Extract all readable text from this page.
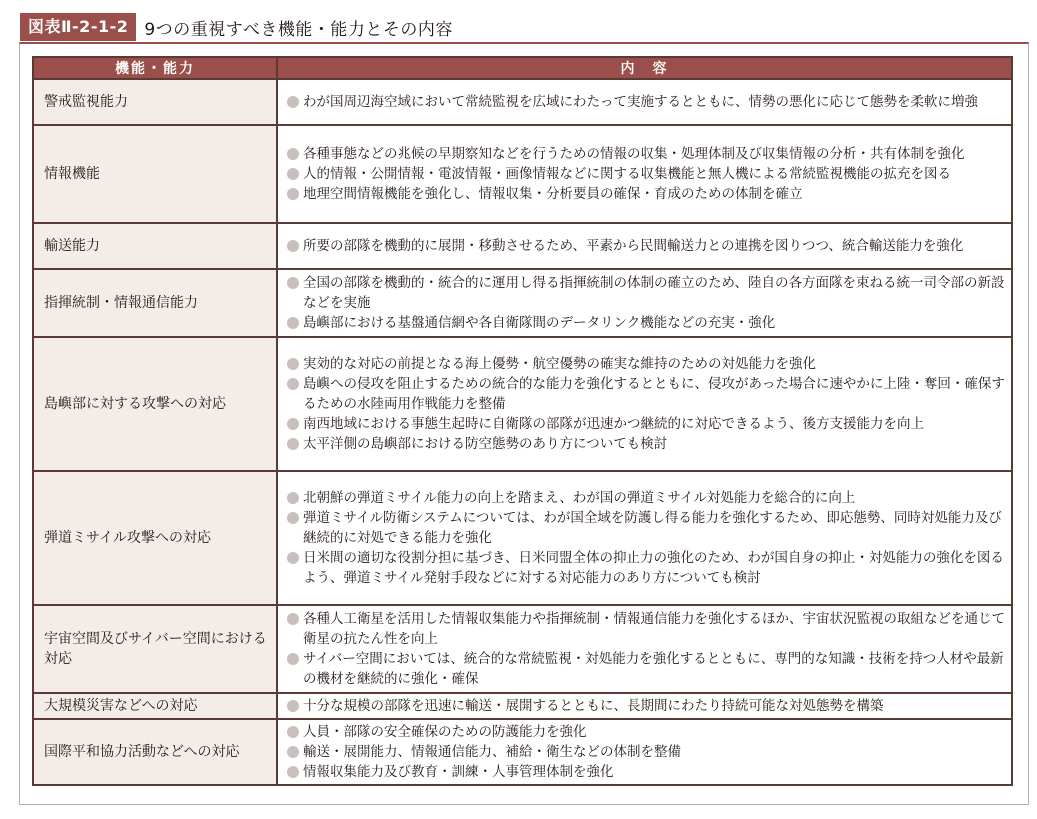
図表Ⅱ-2-1-2 9つの重視すべき機能・能力とその内容
機能・能力	内　容
警戒監視能力	わが国周辺海空域において常続監視を広域にわたって実施するとともに、情勢の悪化に応じて態勢を柔軟に増強

情報機能	各種事態などの兆候の早期察知などを行うための情報の収集・処理体制及び収集情報の分析・共有体制を強化
人的情報・公開情報・電波情報・画像情報などに関する収集機能と無人機による常続監視機能の拡充を図る
地理空間情報機能を強化し、情報収集・分析要員の確保・育成のための体制を確立

輸送能力	所要の部隊を機動的に展開・移動させるため、平素から民間輸送力との連携を図りつつ、統合輸送能力を強化

指揮統制・情報通信能力	全国の部隊を機動的・統合的に運用し得る指揮統制の体制の確立のため、陸自の各方面隊を束ねる統一司令部の新設などを実施
島嶼部における基盤通信網や各自衛隊間のデータリンク機能などの充実・強化

島嶼部に対する攻撃への対応	実効的な対応の前提となる海上優勢・航空優勢の確実な維持のための対処能力を強化
島嶼への侵攻を阻止するための統合的な能力を強化するとともに、侵攻があった場合に速やかに上陸・奪回・確保するための水陸両用作戦能力を整備
南西地域における事態生起時に自衛隊の部隊が迅速かつ継続的に対応できるよう、後方支援能力を向上
太平洋側の島嶼部における防空態勢のあり方についても検討

弾道ミサイル攻撃への対応	北朝鮮の弾道ミサイル能力の向上を踏まえ、わが国の弾道ミサイル対処能力を総合的に向上
弾道ミサイル防衛システムについては、わが国全域を防護し得る能力を強化するため、即応態勢、同時対処能力及び継続的に対処できる能力を強化
日米間の適切な役割分担に基づき、日米同盟全体の抑止力の強化のため、わが国自身の抑止・対処能力の強化を図るよう、弾道ミサイル発射手段などに対する対応能力のあり方についても検討

宇宙空間及びサイバー空間における対応	各種人工衛星を活用した情報収集能力や指揮統制・情報通信能力を強化するほか、宇宙状況監視の取組などを通じて衛星の抗たん性を向上
サイバー空間においては、統合的な常続監視・対処能力を強化するとともに、専門的な知識・技術を持つ人材や最新の機材を継続的に強化・確保

大規模災害などへの対応	十分な規模の部隊を迅速に輸送・展開するとともに、長期間にわたり持続可能な対処態勢を構築

国際平和協力活動などへの対応	人員・部隊の安全確保のための防護能力を強化
輸送・展開能力、情報通信能力、補給・衛生などの体制を整備
情報収集能力及び教育・訓練・人事管理体制を強化
